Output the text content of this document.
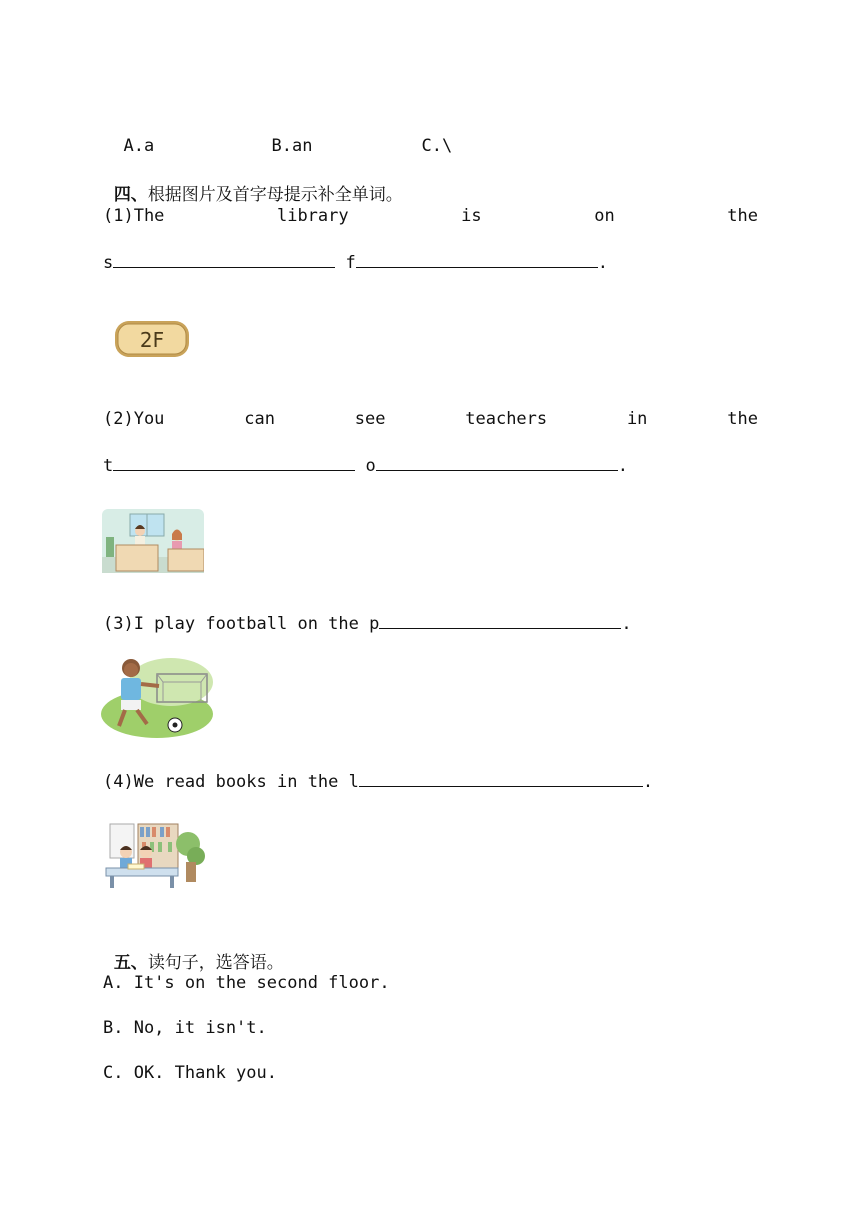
A.a	B.an	C.\

四、根据图片及首字母提示补全单词。

(1)The	library	is	on	the
s	f	.
2F
(2)You	can	see	teachers	in	the
t	o	.
(3)I play football on the p	.
(4)We read books in the l	.

五、读句子，选答语。

A. It's on the second floor.
B. No, it isn't.
C. OK. Thank you.
